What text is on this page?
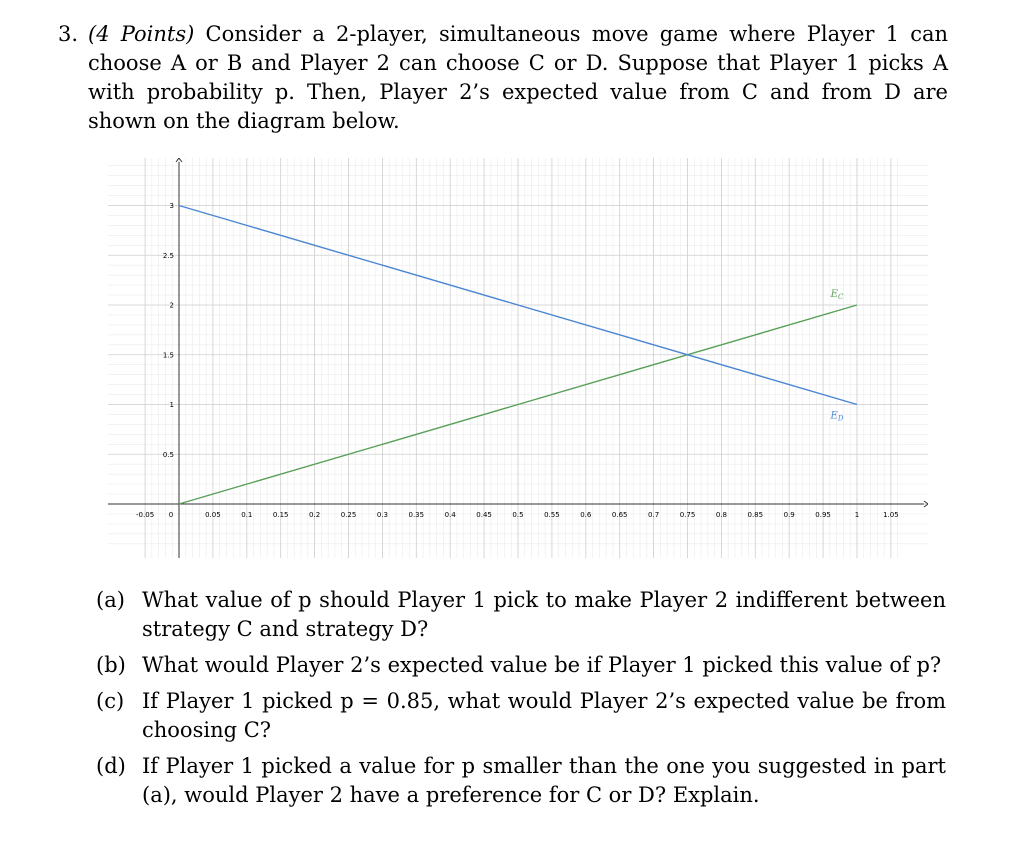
3. (4 Points) Consider a 2-player, simultaneous move game where Player 1 can choose A or B and Player 2 can choose C or D. Suppose that Player 1 picks A with probability p. Then, Player 2’s expected value from C and from D are shown on the diagram below.
-0.05 0	0.05	0.1	0.15	0.2	0.25	0.3	0.35	0.4	0.45	0.5	0.55	0.6	0.65	0.7	0.75	0.8	0.85	0.9	0.95	1	1.05
0.5
1
1.5
2
2.5
3
$E_C$
$E_D$
(a) What value of p should Player 1 pick to make Player 2 indifferent between strategy C and strategy D?
(b) What would Player 2’s expected value be if Player 1 picked this value of p?
(c) If Player 1 picked p = 0.85, what would Player 2’s expected value be from choosing C?
(d) If Player 1 picked a value for p smaller than the one you suggested in part (a), would Player 2 have a preference for C or D? Explain.
